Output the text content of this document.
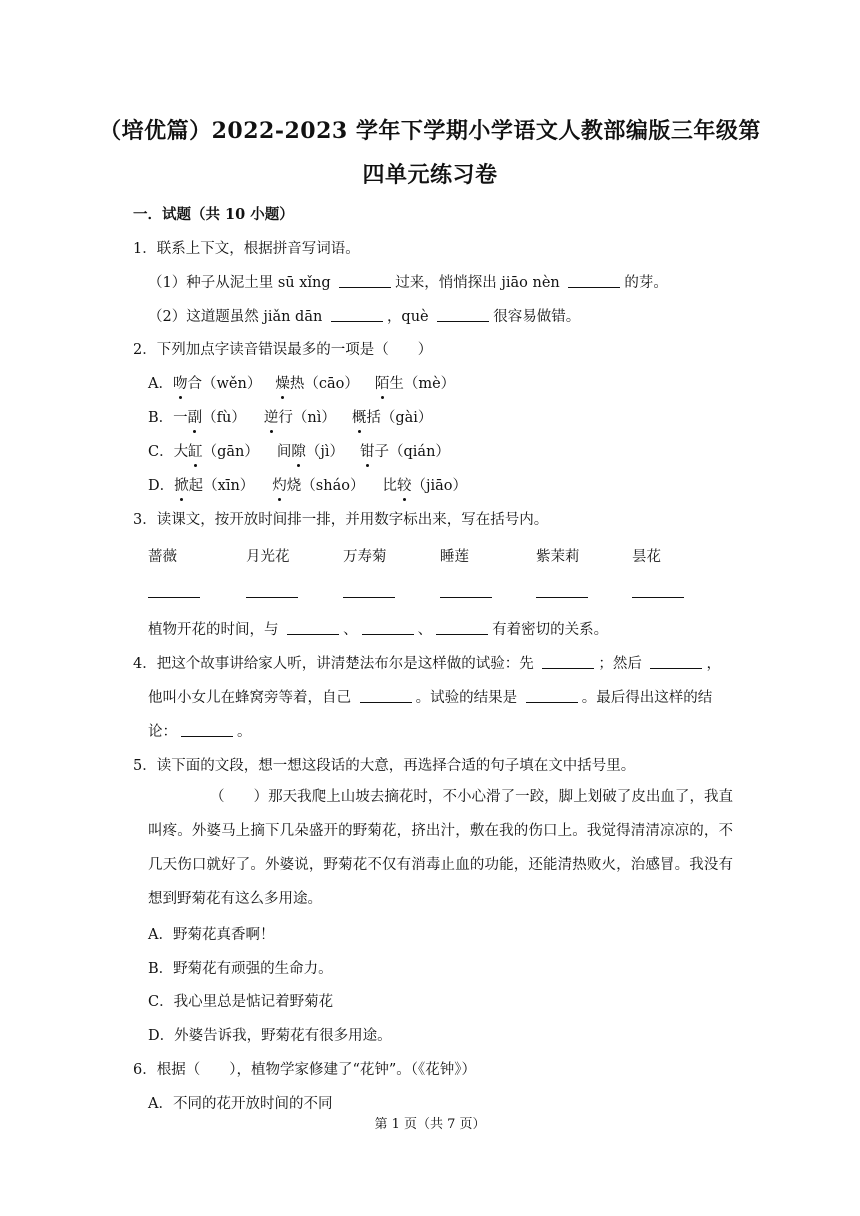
（培优篇）2022-2023 学年下学期小学语文人教部编版三年级第
四单元练习卷
一．试题（共 10 小题）
1．联系上下文，根据拼音写词语。
（1）种子从泥土里 sū xǐng	过来，悄悄探出 jiāo nèn	的芽。
（2）这道题虽然 jiǎn dān	，què	很容易做错。
2．下列加点字读音错误最多的一项是（　　）
A．吻合（wěn） 燥热（cāo） 陌生（mè）
B．一副（fù） 逆行（nì） 概括（gài）
C．大缸（gān） 间隙（jì） 钳子（qián）
D．掀起（xīn） 灼烧（sháo） 比较（jiāo）
3．读课文，按开放时间排一排，并用数字标出来，写在括号内。
蔷薇	月光花	万寿菊	睡莲	紫茉莉	昙花
植物开花的时间，与	、	、	有着密切的关系。
4．把这个故事讲给家人听，讲清楚法布尔是这样做的试验：先	；然后	，
他叫小女儿在蜂窝旁等着，自己	。试验的结果是	。最后得出这样的结
论：	。
5．读下面的文段，想一想这段话的大意，再选择合适的句子填在文中括号里。
（　　）那天我爬上山坡去摘花时，不小心滑了一跤，脚上划破了皮出血了，我直叫疼。外婆马上摘下几朵盛开的野菊花，挤出汁，敷在我的伤口上。我觉得清清凉凉的，不几天伤口就好了。外婆说，野菊花不仅有消毒止血的功能，还能清热败火，治感冒。我没有想到野菊花有这么多用途。
A．野菊花真香啊！
B．野菊花有顽强的生命力。
C．我心里总是惦记着野菊花
D．外婆告诉我，野菊花有很多用途。
6．根据（　　），植物学家修建了“花钟”。（《花钟》）
A．不同的花开放时间的不同
第 1 页（共 7 页）
